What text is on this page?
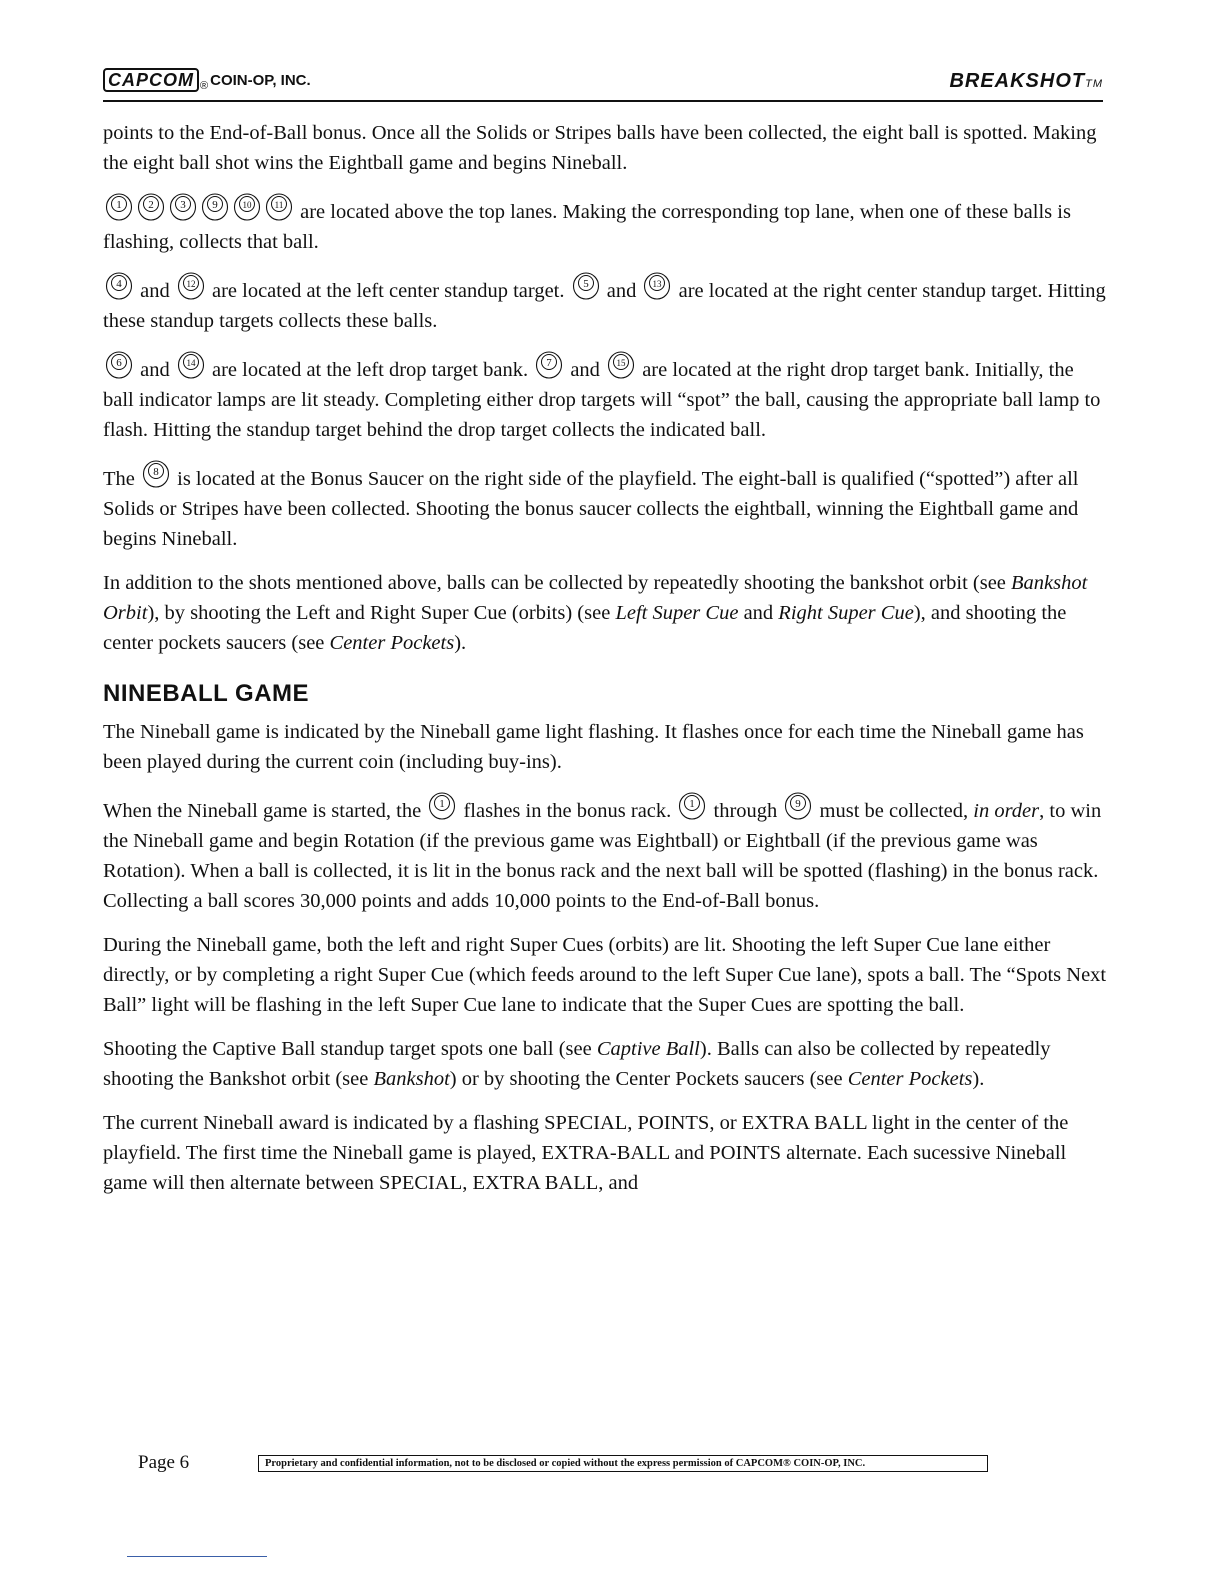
CAPCOM ® COIN-OP, INC.	BREAKSHOTTM

points to the End-of-Ball bonus. Once all the Solids or Stripes balls have been collected, the eight ball is spotted. Making the eight ball shot wins the Eightball game and begins Nineball.

1 2 3 9	10	11 are located above the top lanes. Making the corresponding top lane, when one of these balls is flashing, collects that ball.

4 and 12 are located at the left center standup target. 5 and 13 are located at the right center standup target. Hitting these standup targets collects these balls.

6 and 14 are located at the left drop target bank. 7 and 15 are located at the right drop target bank. Initially, the ball indicator lamps are lit steady. Completing either drop targets will “spot” the ball, causing the appropriate ball lamp to flash. Hitting the standup target behind the drop target collects the indicated ball.

The 8 is located at the Bonus Saucer on the right side of the playfield. The eight-ball is qualified (“spotted”) after all Solids or Stripes have been collected. Shooting the bonus saucer collects the eightball, winning the Eightball game and begins Nineball.

In addition to the shots mentioned above, balls can be collected by repeatedly shooting the bankshot orbit (see Bankshot Orbit), by shooting the Left and Right Super Cue (orbits) (see Left Super Cue and Right Super Cue), and shooting the center pockets saucers (see Center Pockets).

NINEBALL GAME

The Nineball game is indicated by the Nineball game light flashing. It flashes once for each time the Nineball game has been played during the current coin (including buy-ins).

When the Nineball game is started, the 1 flashes in the bonus rack. 1 through 9 must be collected, in order, to win the Nineball game and begin Rotation (if the previous game was Eightball) or Eightball (if the previous game was Rotation). When a ball is collected, it is lit in the bonus rack and the next ball will be spotted (flashing) in the bonus rack. Collecting a ball scores 30,000 points and adds 10,000 points to the End-of-Ball bonus.

During the Nineball game, both the left and right Super Cues (orbits) are lit. Shooting the left Super Cue lane either directly, or by completing a right Super Cue (which feeds around to the left Super Cue lane), spots a ball. The “Spots Next Ball” light will be flashing in the left Super Cue lane to indicate that the Super Cues are spotting the ball.

Shooting the Captive Ball standup target spots one ball (see Captive Ball). Balls can also be collected by repeatedly shooting the Bankshot orbit (see Bankshot) or by shooting the Center Pockets saucers (see Center Pockets).

The current Nineball award is indicated by a flashing SPECIAL, POINTS, or EXTRA BALL light in the center of the playfield. The first time the Nineball game is played, EXTRA-BALL and POINTS alternate. Each sucessive Nineball game will then alternate between SPECIAL, EXTRA BALL, and

Page 6	Proprietary and confidential information, not to be disclosed or copied without the express permission of CAPCOM® COIN-OP, INC.
